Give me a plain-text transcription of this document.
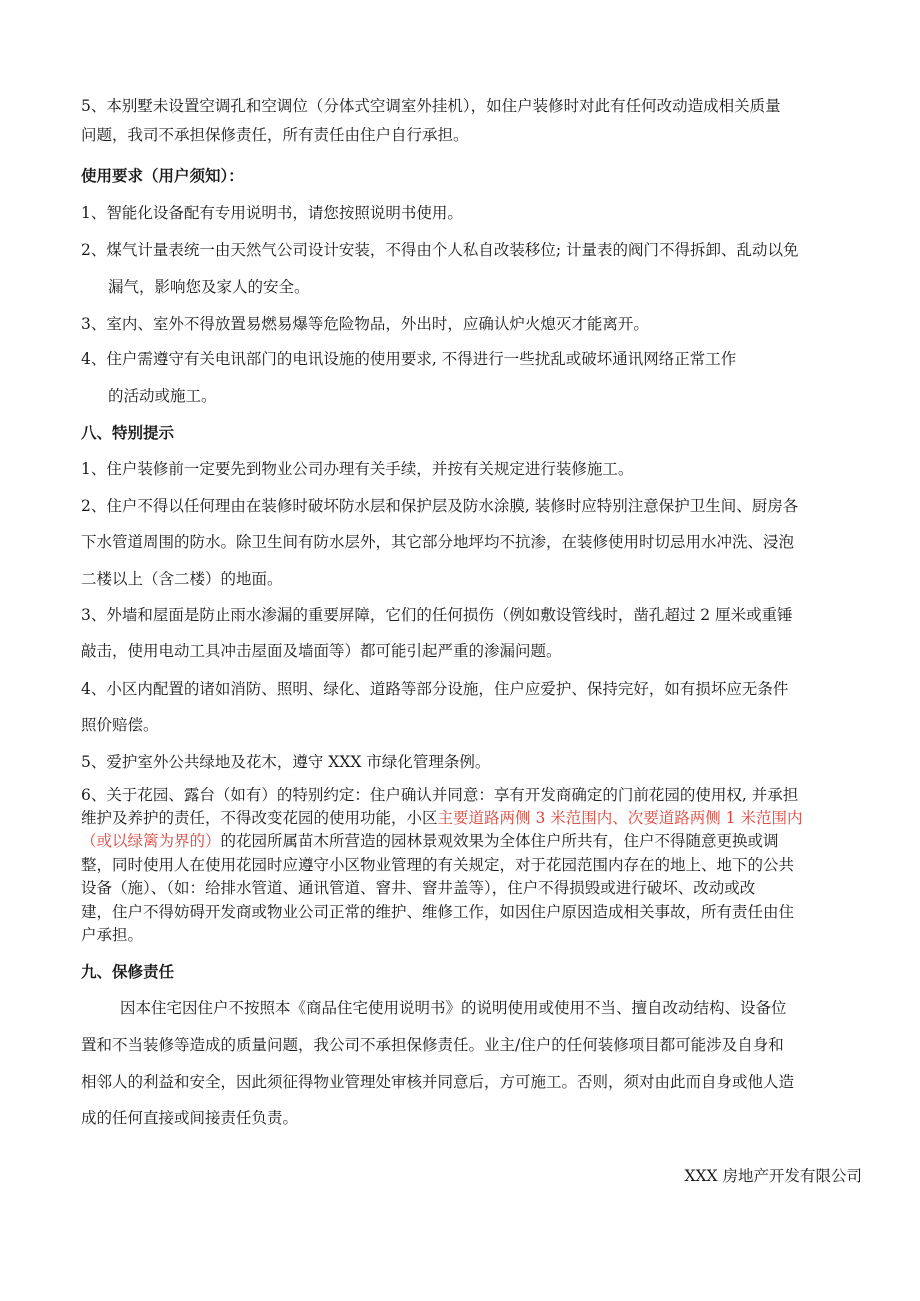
5、本别墅未设置空调孔和空调位（分体式空调室外挂机），如住户装修时对此有任何改动造成相关质量
问题，我司不承担保修责任，所有责任由住户自行承担。
使用要求（用户须知）：
1、智能化设备配有专用说明书，请您按照说明书使用。
2、煤气计量表统一由天然气公司设计安装，不得由个人私自改装移位; 计量表的阀门不得拆卸、乱动以免
漏气，影响您及家人的安全。
3、室内、室外不得放置易燃易爆等危险物品，外出时，应确认炉火熄灭才能离开。
4、住户需遵守有关电讯部门的电讯设施的使用要求, 不得进行一些扰乱或破坏通讯网络正常工作
的活动或施工。
八、特别提示
1、住户装修前一定要先到物业公司办理有关手续，并按有关规定进行装修施工。
2、住户不得以任何理由在装修时破坏防水层和保护层及防水涂膜, 装修时应特别注意保护卫生间、厨房各
下水管道周围的防水。除卫生间有防水层外，其它部分地坪均不抗渗，在装修使用时切忌用水冲洗、浸泡
二楼以上（含二楼）的地面。
3、外墙和屋面是防止雨水渗漏的重要屏障，它们的任何损伤（例如敷设管线时，凿孔超过 2 厘米或重锤
敲击，使用电动工具冲击屋面及墙面等）都可能引起严重的渗漏问题。
4、小区内配置的诸如消防、照明、绿化、道路等部分设施，住户应爱护、保持完好，如有损坏应无条件
照价赔偿。
5、爱护室外公共绿地及花木，遵守 XXX 市绿化管理条例。
6、关于花园、露台（如有）的特别约定：住户确认并同意：享有开发商确定的门前花园的使用权, 并承担
维护及养护的责任，不得改变花园的使用功能，小区主要道路两侧 3 米范围内、次要道路两侧 1 米范围内
（或以绿篱为界的）的花园所属苗木所营造的园林景观效果为全体住户所共有，住户不得随意更换或调
整，同时使用人在使用花园时应遵守小区物业管理的有关规定，对于花园范围内存在的地上、地下的公共
设备（施）、（如：给排水管道、通讯管道、窨井、窨井盖等），住户不得损毁或进行破坏、改动或改
建，住户不得妨碍开发商或物业公司正常的维护、维修工作，如因住户原因造成相关事故，所有责任由住
户承担。
九、保修责任
因本住宅因住户不按照本《商品住宅使用说明书》的说明使用或使用不当、擅自改动结构、设备位
置和不当装修等造成的质量问题，我公司不承担保修责任。业主/住户的任何装修项目都可能涉及自身和
相邻人的利益和安全，因此须征得物业管理处审核并同意后，方可施工。否则，须对由此而自身或他人造
成的任何直接或间接责任负责。
XXX 房地产开发有限公司
